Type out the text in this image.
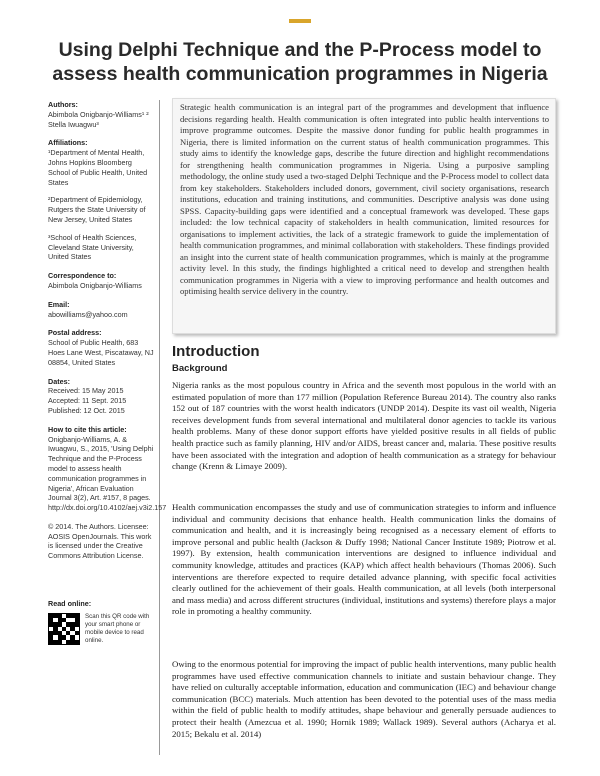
Using Delphi Technique and the P-Process model to
assess health communication programmes in Nigeria
Authors:
Abimbola Onigbanjo-Williams¹ ² Stella Iwuagwu³
Affiliations:
¹Department of Mental Health, Johns Hopkins Bloomberg School of Public Health, United States
²Department of Epidemiology, Rutgers the State University of New Jersey, United States
³School of Health Sciences, Cleveland State University, United States
Correspondence to:
Abimbola Onigbanjo-Williams
Email:
abowilliams@yahoo.com
Postal address:
School of Public Health, 683 Hoes Lane West, Piscataway, NJ 08854, United States
Dates:
Received: 15 May 2015
Accepted: 11 Sept. 2015
Published: 12 Oct. 2015
How to cite this article:
Onigbanjo-Williams, A. & Iwuagwu, S., 2015, 'Using Delphi Technique and the P-Process model to assess health communication programmes in Nigeria', African Evaluation Journal 3(2), Art. #157, 8 pages. http://dx.doi.org/10.4102/aej.v3i2.157
© 2014. The Authors. Licensee: AOSIS OpenJournals. This work is licensed under the Creative Commons Attribution License.
Read online:
Scan this QR code with your smart phone or mobile device to read online.
Strategic health communication is an integral part of the programmes and development that influence decisions regarding health. Health communication is often integrated into public health interventions to improve programme outcomes. Despite the massive donor funding for public health programmes in Nigeria, there is limited information on the current status of health communication programmes. This study aims to identify the knowledge gaps, describe the future direction and highlight recommendations for strengthening health communication programmes in Nigeria. Using a purposive sampling methodology, the online study used a two-staged Delphi Technique and the P-Process model to collect data from key stakeholders. Stakeholders included donors, government, civil society organisations, research institutions, education and training institutions, and communities. Descriptive analysis was done using SPSS. Capacity-building gaps were identified and a conceptual framework was developed. These gaps included: the low technical capacity of stakeholders in health communication, limited resources for organisations to implement activities, the lack of a strategic framework to guide the implementation of health communication programmes, and minimal collaboration with stakeholders. These findings provided an insight into the current state of health communication programmes, which is mainly at the programme activity level. In this study, the findings highlighted a critical need to develop and strengthen health communication programmes in Nigeria with a view to improving performance and health outcomes and optimising health service delivery in the country.
Introduction
Background
Nigeria ranks as the most populous country in Africa and the seventh most populous in the world with an estimated population of more than 177 million (Population Reference Bureau 2014). The country also ranks 152 out of 187 countries with the worst health indicators (UNDP 2014). Despite its vast oil wealth, Nigeria receives development funds from several international and multilateral donor agencies to tackle its various health problems. Many of these donor support efforts have yielded positive results in all fields of public health practice such as family planning, HIV and/or AIDS, breast cancer and, malaria. These positive results have been associated with the integration and adoption of health communication as a strategy for behaviour change (Krenn & Limaye 2009).
Health communication encompasses the study and use of communication strategies to inform and influence individual and community decisions that enhance health. Health communication links the domains of communication and health, and it is increasingly being recognised as a necessary element of efforts to improve personal and public health (Jackson & Duffy 1998; National Cancer Institute 1989; Piotrow et al. 1997). By extension, health communication interventions are designed to influence individual and community knowledge, attitudes and practices (KAP) which affect health behaviours (Thomas 2006). Such interventions are therefore expected to require detailed advance planning, with specific focal activities clearly outlined for the achievement of their goals. Health communication, at all levels (both interpersonal and mass media) and across different structures (individual, institutions and systems) therefore plays a major role in promoting a healthy community.
Owing to the enormous potential for improving the impact of public health interventions, many public health programmes have used effective communication channels to initiate and sustain behaviour change. They have relied on culturally acceptable information, education and communication (IEC) and behaviour change communication (BCC) materials. Much attention has been devoted to the potential uses of the mass media within the field of public health to modify attitudes, shape behaviour and generally persuade audiences to protect their health (Amezcua et al. 1990; Hornik 1989; Wallack 1989). Several authors (Acharya et al. 2015; Bekalu et al. 2014)
